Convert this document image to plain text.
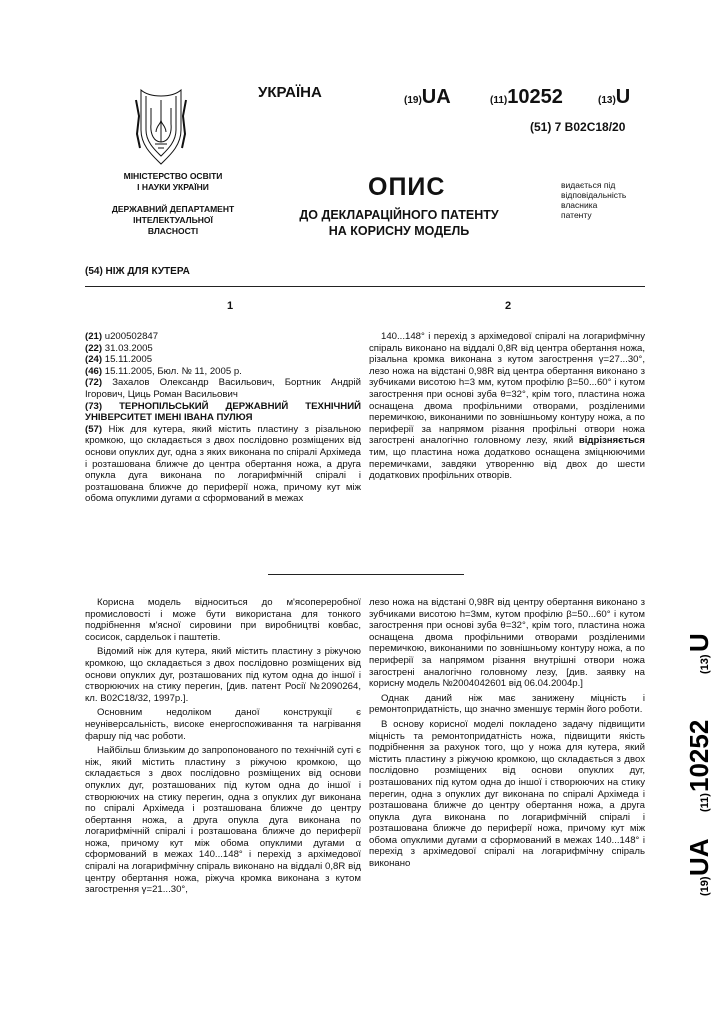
МІНІСТЕРСТВО ОСВІТИ
І НАУКИ УКРАЇНИ
ДЕРЖАВНИЙ ДЕПАРТАМЕНТ
ІНТЕЛЕКТУАЛЬНОЇ
ВЛАСНОСТІ
УКРАЇНА	(19)UA	(11)10252	(13)U
(51) 7 B02C18/20
ОПИС
ДО ДЕКЛАРАЦІЙНОГО ПАТЕНТУ
НА КОРИСНУ МОДЕЛЬ
видається під
відповідальність
власника
патенту
(54) НІЖ ДЛЯ КУТЕРА
1	2

(21) u200502847

(22) 31.03.2005

(24) 15.11.2005

(46) 15.11.2005, Бюл. № 11, 2005 р.

(72) Захалов Олександр Васильович, Бортник Андрій Ігорович, Циць Роман Васильович

(73) ТЕРНОПІЛЬСЬКИЙ ДЕРЖАВНИЙ ТЕХНІЧНИЙ УНІВЕРСИТЕТ ІМЕНІ ІВАНА ПУЛЮЯ

(57) Ніж для кутера, який містить пластину з різальною кромкою, що складається з двох послідовно розміщених від основи опуклих дуг, одна з яких виконана по спіралі Архімеда і розташована ближче до центра обертання ножа, а друга опукла дуга виконана по логарифмічній спіралі і розташована ближче до периферії ножа, причому кут між обома опуклими дугами α сформований в межах

140...148° і перехід з архімедової спіралі на логарифмічну спіраль виконано на віддалі 0,8R від центра обертання ножа, різальна кромка виконана з кутом загострення γ=27...30°, лезо ножа на відстані 0,98R від центра обертання виконано з зубчиками висотою h=3 мм, кутом профілю β=50...60° і кутом загострення при основі зуба θ=32°, крім того, пластина ножа оснащена двома профільними отворами, розділеними перемичкою, виконаними по зовнішньому контуру ножа, а по периферії за напрямом різання профільні отвори ножа загострені аналогічно головному лезу, який відрізняється тим, що пластина ножа додатково оснащена зміцнюючими перемичками, завдяки утворенню від двох до шести додаткових профільних отворів.

Корисна модель відноситься до м'ясопереробної промисловості і може бути використана для тонкого подрібнення м'ясної сировини при виробництві ковбас, сосисок, сардельок і паштетів.

Відомий ніж для кутера, який містить пластину з ріжучою кромкою, що складається з двох послідовно розміщених від основи опуклих дуг, розташованих під кутом одна до іншої і створюючих на стику перегин, [див. патент Росії №2090264, кл. B02C18/32, 1997р.].

Основним недоліком даної конструкції є неуніверсальність, високе енергоспоживання та нагрівання фаршу під час роботи.

Найбільш близьким до запропонованого по технічній суті є ніж, який містить пластину з ріжучою кромкою, що складається з двох послідовно розміщених від основи опуклих дуг, розташованих під кутом одна до іншої і створюючих на стику перегин, одна з опуклих дуг виконана по спіралі Архімеда і розташована ближче до центру обертання ножа, а друга опукла дуга виконана по логарифмічній спіралі і розташована ближче до периферії ножа, причому кут між обома опуклими дугами α сформований в межах 140...148° і перехід з архімедової спіралі на логарифмічну спіраль виконано на віддалі 0,8R від центру обертання ножа, ріжуча кромка виконана з кутом загострення γ=21...30°,

лезо ножа на відстані 0,98R від центру обертання виконано з зубчиками висотою h=3мм, кутом профілю β=50...60° і кутом загострення при основі зуба θ=32°, крім того, пластина ножа оснащена двома профільними отворами розділеними перемичкою, виконаними по зовнішньому контуру ножа, а по периферії за напрямом різання внутрішні отвори ножа загострені аналогічно головному лезу, [див. заявку на корисну модель №2004042601 від 06.04.2004р.]

Однак даний ніж має занижену міцність і ремонтопридатність, що значно зменшує термін його роботи.

В основу корисної моделі покладено задачу підвищити міцність та ремонтопридатність ножа, підвищити якість подрібнення за рахунок того, що у ножа для кутера, який містить пластину з ріжучою кромкою, що складається з двох послідовно розміщених від основи опуклих дуг, розташованих під кутом одна до іншої і створюючих на стику перегин, одна з опуклих дуг виконана по спіралі Архімеда і розташована ближче до центру обертання ножа, а друга опукла дуга виконана по логарифмічній спіралі і розташована ближче до периферії ножа, причому кут між обома опуклими дугами α сформований в межах 140...148° і перехід з архімедової спіралі на логарифмічну спіраль виконано

(19)
UA
(11)
10252
(13)
U
